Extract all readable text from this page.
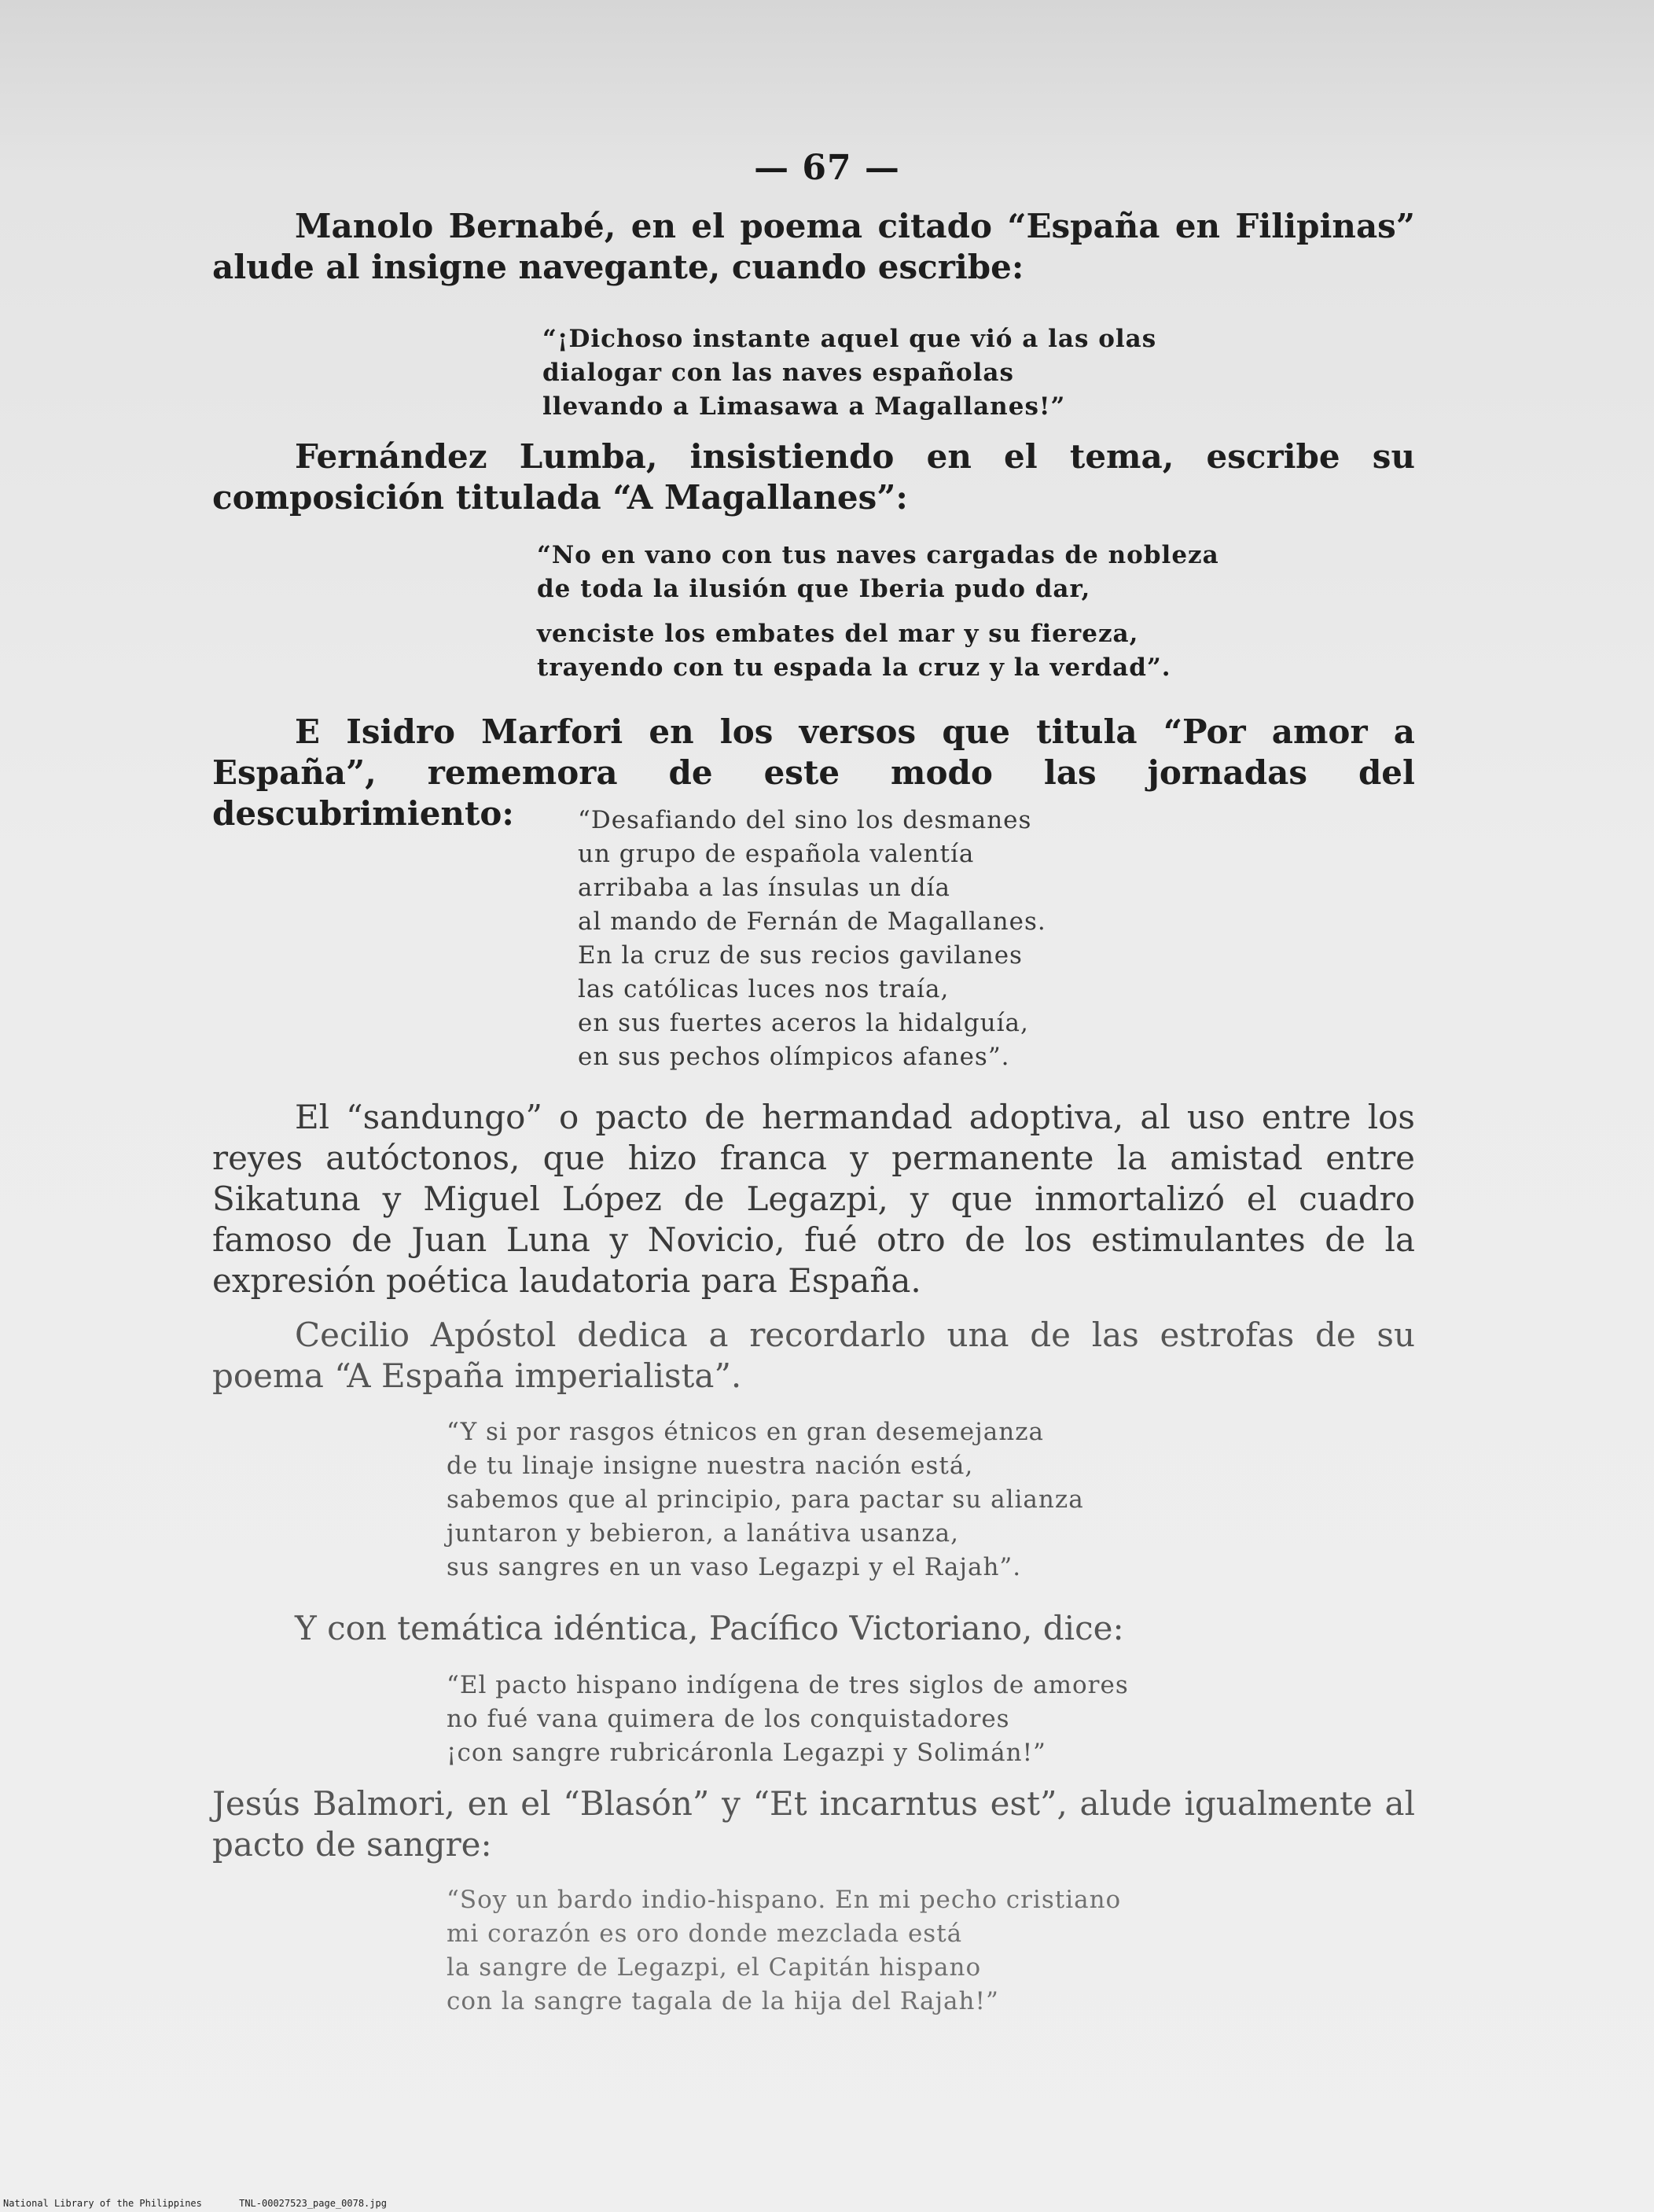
— 67 —

Manolo Bernabé, en el poema citado “España en Filipinas” alude al insigne navegante, cuando escribe:

“¡Dichoso instante aquel que vió a las olas
dialogar con las naves españolas
llevando a Limasawa a Magallanes!”

Fernández Lumba, insistiendo en el tema, escribe su composición titulada “A Magallanes”:

“No en vano con tus naves cargadas de nobleza
de toda la ilusión que Iberia pudo dar,
venciste los embates del mar y su fiereza,
trayendo con tu espada la cruz y la verdad”.

E Isidro Marfori en los versos que titula “Por amor a España”, rememora de este modo las jornadas del descubrimiento:	“Desafiando del sino los desmanes
un grupo de española valentía
arribaba a las ínsulas un día
al mando de Fernán de Magallanes.
En la cruz de sus recios gavilanes
las católicas luces nos traía,
en sus fuertes aceros la hidalguía,
en sus pechos olímpicos afanes”.

El “sandungo” o pacto de hermandad adoptiva, al uso entre los reyes autóctonos, que hizo franca y permanente la amistad entre Sikatuna y Miguel López de Legazpi, y que inmortalizó el cuadro famoso de Juan Luna y Novicio, fué otro de los estimulantes de la expresión poética laudatoria para España.

Cecilio Apóstol dedica a recordarlo una de las estrofas de su poema “A España imperialista”.

“Y si por rasgos étnicos en gran desemejanza
de tu linaje insigne nuestra nación está,
sabemos que al principio, para pactar su alianza
juntaron y bebieron, a lanátiva usanza,
sus sangres en un vaso Legazpi y el Rajah”.

Y con temática idéntica, Pacífico Victoriano, dice:

“El pacto hispano indígena de tres siglos de amores
no fué vana quimera de los conquistadores
¡con sangre rubricáronla Legazpi y Solimán!”

Jesús Balmori, en el “Blasón” y “Et incarntus est”, alude igualmente al pacto de sangre:

“Soy un bardo indio-hispano. En mi pecho cristiano
mi corazón es oro donde mezclada está
la sangre de Legazpi, el Capitán hispano
con la sangre tagala de la hija del Rajah!”
National Library of the Philippines	TNL-00027523_page_0078.jpg
